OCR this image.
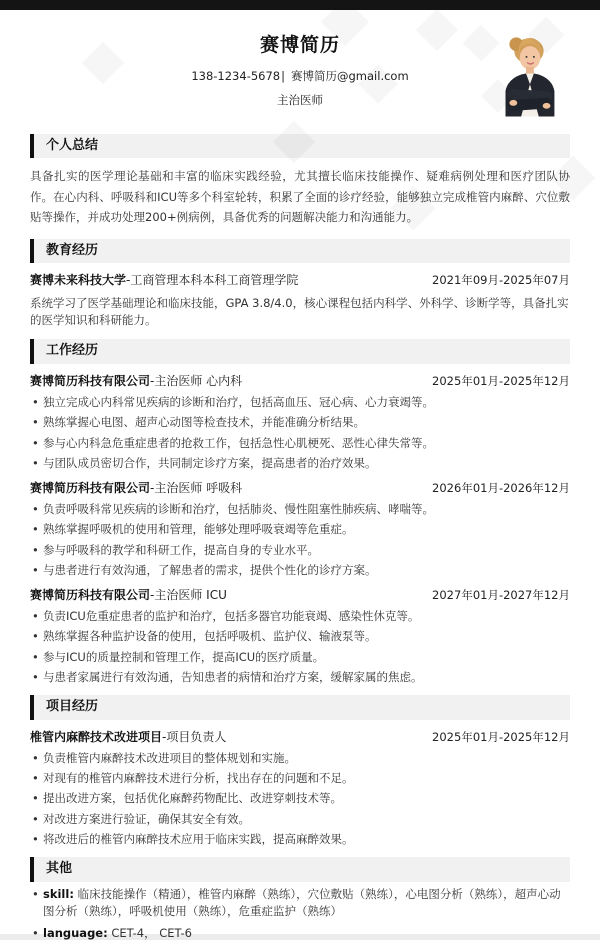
赛博简历
138-1234-5678| 赛博简历@gmail.com
主治医师
个人总结

具备扎实的医学理论基础和丰富的临床实践经验，尤其擅长临床技能操作、疑难病例处理和医疗团队协作。在心内科、呼吸科和ICU等多个科室轮转，积累了全面的诊疗经验，能够独立完成椎管内麻醉、穴位敷贴等操作，并成功处理200+例病例，具备优秀的问题解决能力和沟通能力。

教育经历
赛博未来科技大学-工商管理本科本科工商管理学院	2021年09月-2025年07月
系统学习了医学基础理论和临床技能，GPA 3.8/4.0，核心课程包括内科学、外科学、诊断学等，具备扎实的医学知识和科研能力。
工作经历
赛博简历科技有限公司-主治医师 心内科	2025年01月-2025年12月
• 独立完成心内科常见疾病的诊断和治疗，包括高血压、冠心病、心力衰竭等。
• 熟练掌握心电图、超声心动图等检查技术，并能准确分析结果。
• 参与心内科急危重症患者的抢救工作，包括急性心肌梗死、恶性心律失常等。
• 与团队成员密切合作，共同制定诊疗方案，提高患者的治疗效果。
赛博简历科技有限公司-主治医师 呼吸科	2026年01月-2026年12月
• 负责呼吸科常见疾病的诊断和治疗，包括肺炎、慢性阻塞性肺疾病、哮喘等。
• 熟练掌握呼吸机的使用和管理，能够处理呼吸衰竭等危重症。
• 参与呼吸科的教学和科研工作，提高自身的专业水平。
• 与患者进行有效沟通，了解患者的需求，提供个性化的诊疗方案。
赛博简历科技有限公司-主治医师 ICU	2027年01月-2027年12月
• 负责ICU危重症患者的监护和治疗，包括多器官功能衰竭、感染性休克等。
• 熟练掌握各种监护设备的使用，包括呼吸机、监护仪、输液泵等。
• 参与ICU的质量控制和管理工作，提高ICU的医疗质量。
• 与患者家属进行有效沟通，告知患者的病情和治疗方案，缓解家属的焦虑。
项目经历
椎管内麻醉技术改进项目-项目负责人	2025年01月-2025年12月
• 负责椎管内麻醉技术改进项目的整体规划和实施。
• 对现有的椎管内麻醉技术进行分析，找出存在的问题和不足。
• 提出改进方案，包括优化麻醉药物配比、改进穿刺技术等。
• 对改进方案进行验证，确保其安全有效。
• 将改进后的椎管内麻醉技术应用于临床实践，提高麻醉效果。
其他
• skill: 临床技能操作（精通），椎管内麻醉（熟练），穴位敷贴（熟练），心电图分析（熟练），超声心动图分析（熟练），呼吸机使用（熟练），危重症监护（熟练）
• language: CET-4， CET-6
